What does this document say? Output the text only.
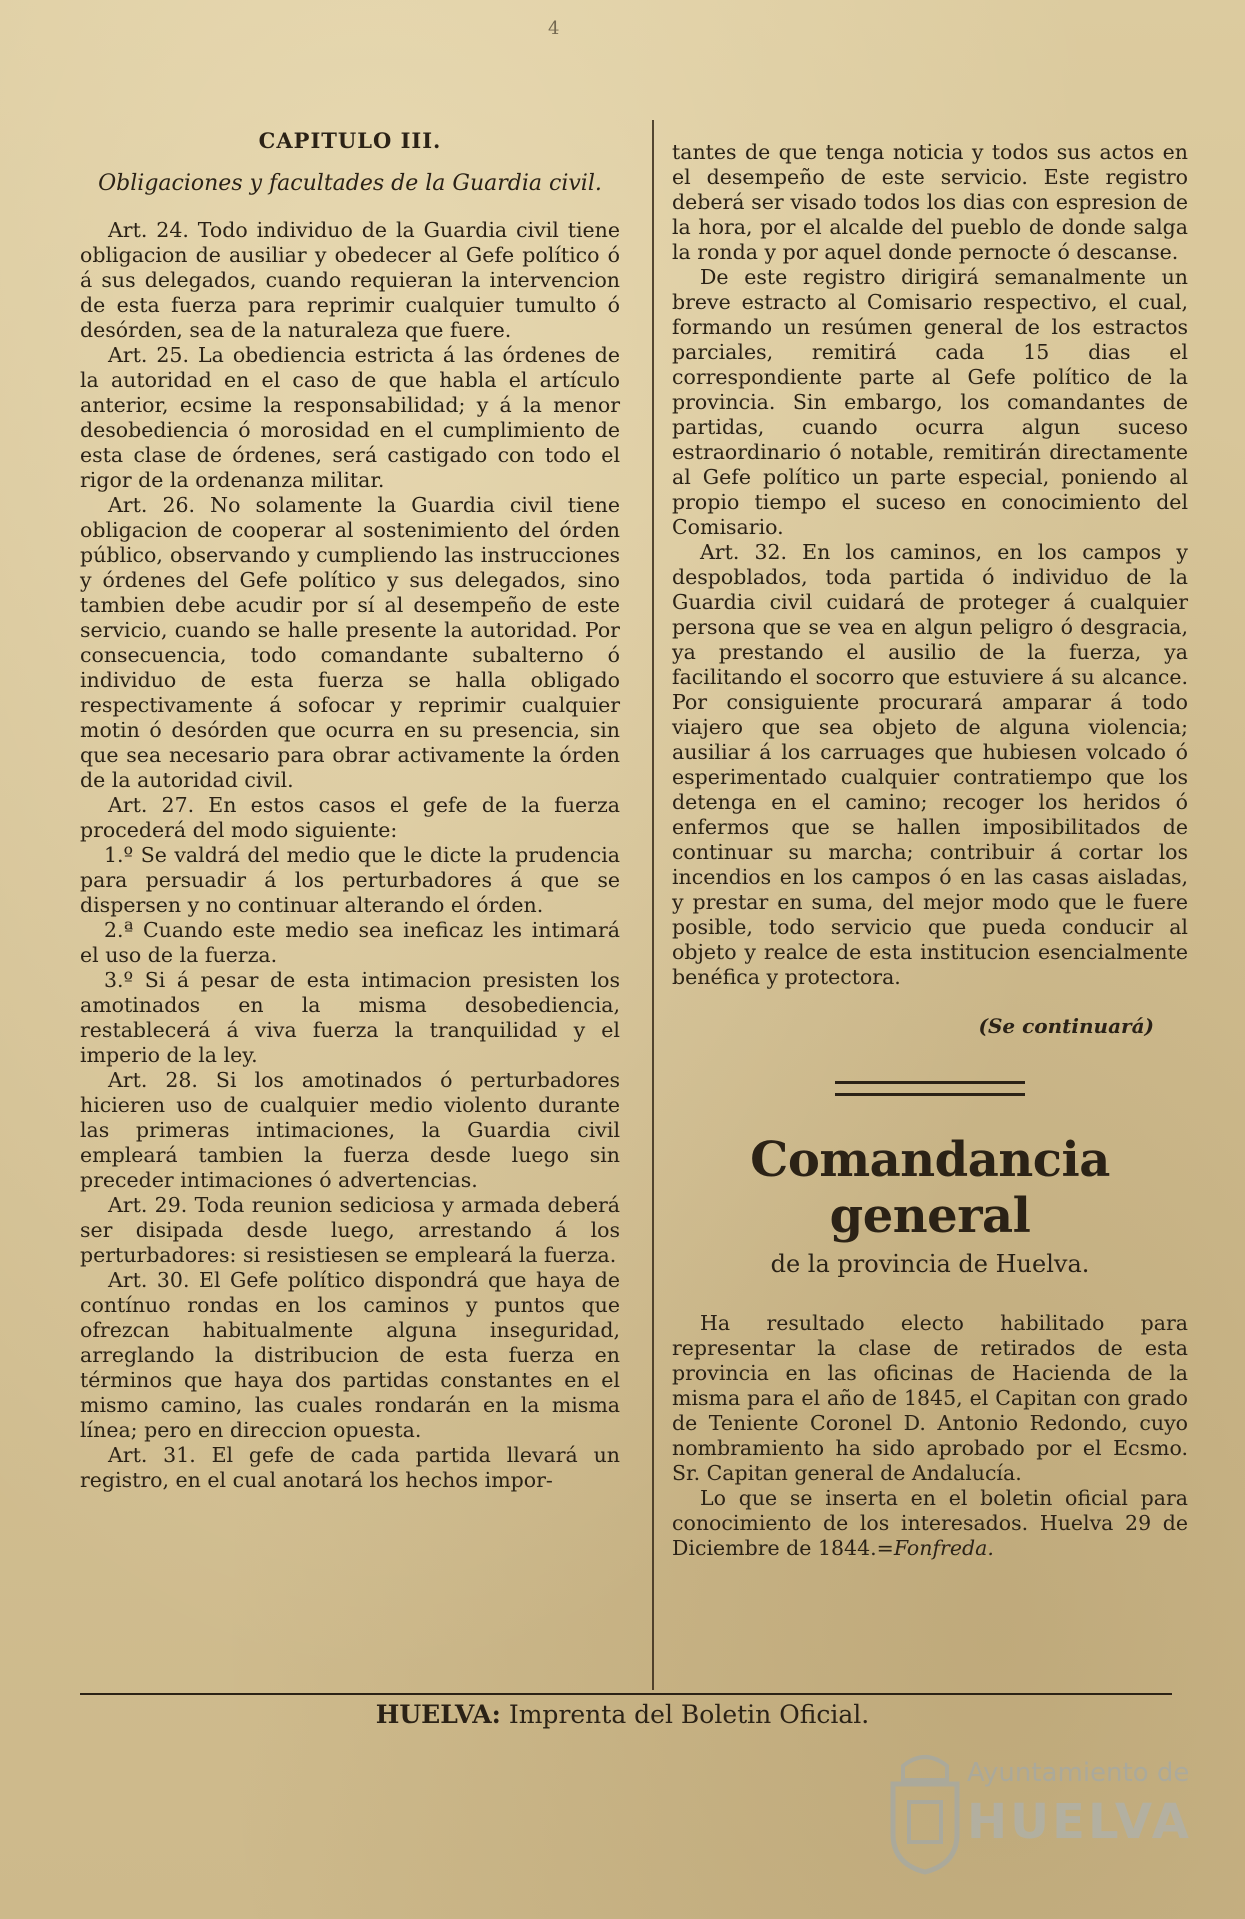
4
CAPITULO III.
Obligaciones y facultades de la Guardia civil.

Art. 24. Todo individuo de la Guardia civil tiene obligacion de ausiliar y obedecer al Gefe político ó á sus delegados, cuando requieran la intervencion de esta fuerza para reprimir cualquier tumulto ó desórden, sea de la naturaleza que fuere.

Art. 25. La obediencia estricta á las órdenes de la autoridad en el caso de que habla el artículo anterior, ecsime la responsabilidad; y á la menor desobediencia ó morosidad en el cumplimiento de esta clase de órdenes, será castigado con todo el rigor de la ordenanza militar.

Art. 26. No solamente la Guardia civil tiene obligacion de cooperar al sostenimiento del órden público, observando y cumpliendo las instrucciones y órdenes del Gefe político y sus delegados, sino tambien debe acudir por sí al desempeño de este servicio, cuando se halle presente la autoridad. Por consecuencia, todo comandante subalterno ó individuo de esta fuerza se halla obligado respectivamente á sofocar y reprimir cualquier motin ó desórden que ocurra en su presencia, sin que sea necesario para obrar activamente la órden de la autoridad civil.

Art. 27. En estos casos el gefe de la fuerza procederá del modo siguiente:

1.º Se valdrá del medio que le dicte la prudencia para persuadir á los perturbadores á que se dispersen y no continuar alterando el órden.

2.ª Cuando este medio sea ineficaz les intimará el uso de la fuerza.

3.º Si á pesar de esta intimacion presisten los amotinados en la misma desobediencia, restablecerá á viva fuerza la tranquilidad y el imperio de la ley.

Art. 28. Si los amotinados ó perturbadores hicieren uso de cualquier medio violento durante las primeras intimaciones, la Guardia civil empleará tambien la fuerza desde luego sin preceder intimaciones ó advertencias.

Art. 29. Toda reunion sediciosa y armada deberá ser disipada desde luego, arrestando á los perturbadores: si resistiesen se empleará la fuerza.

Art. 30. El Gefe político dispondrá que haya de contínuo rondas en los caminos y puntos que ofrezcan habitualmente alguna inseguridad, arreglando la distribucion de esta fuerza en términos que haya dos partidas constantes en el mismo camino, las cuales rondarán en la misma línea; pero en direccion opuesta.

Art. 31. El gefe de cada partida llevará un registro, en el cual anotará los hechos impor-

tantes de que tenga noticia y todos sus actos en el desempeño de este servicio. Este registro deberá ser visado todos los dias con espresion de la hora, por el alcalde del pueblo de donde salga la ronda y por aquel donde pernocte ó descanse.

De este registro dirigirá semanalmente un breve estracto al Comisario respectivo, el cual, formando un resúmen general de los estractos parciales, remitirá cada 15 dias el correspondiente parte al Gefe político de la provincia. Sin embargo, los comandantes de partidas, cuando ocurra algun suceso estraordinario ó notable, remitirán directamente al Gefe político un parte especial, poniendo al propio tiempo el suceso en conocimiento del Comisario.

Art. 32. En los caminos, en los campos y despoblados, toda partida ó individuo de la Guardia civil cuidará de proteger á cualquier persona que se vea en algun peligro ó desgracia, ya prestando el ausilio de la fuerza, ya facilitando el socorro que estuviere á su alcance. Por consiguiente procurará amparar á todo viajero que sea objeto de alguna violencia; ausiliar á los carruages que hubiesen volcado ó esperimentado cualquier contratiempo que los detenga en el camino; recoger los heridos ó enfermos que se hallen imposibilitados de continuar su marcha; contribuir á cortar los incendios en los campos ó en las casas aisladas, y prestar en suma, del mejor modo que le fuere posible, todo servicio que pueda conducir al objeto y realce de esta institucion esencialmente benéfica y protectora.

(Se continuará)
Comandancia general
de la provincia de Huelva.

Ha resultado electo habilitado para representar la clase de retirados de esta provincia en las oficinas de Hacienda de la misma para el año de 1845, el Capitan con grado de Teniente Coronel D. Antonio Redondo, cuyo nombramiento ha sido aprobado por el Ecsmo. Sr. Capitan general de Andalucía.

Lo que se inserta en el boletin oficial para conocimiento de los interesados. Huelva 29 de Diciembre de 1844.=Fonfreda.

HUELVA: Imprenta del Boletin Oficial.
Ayuntamiento de
HUELVA
